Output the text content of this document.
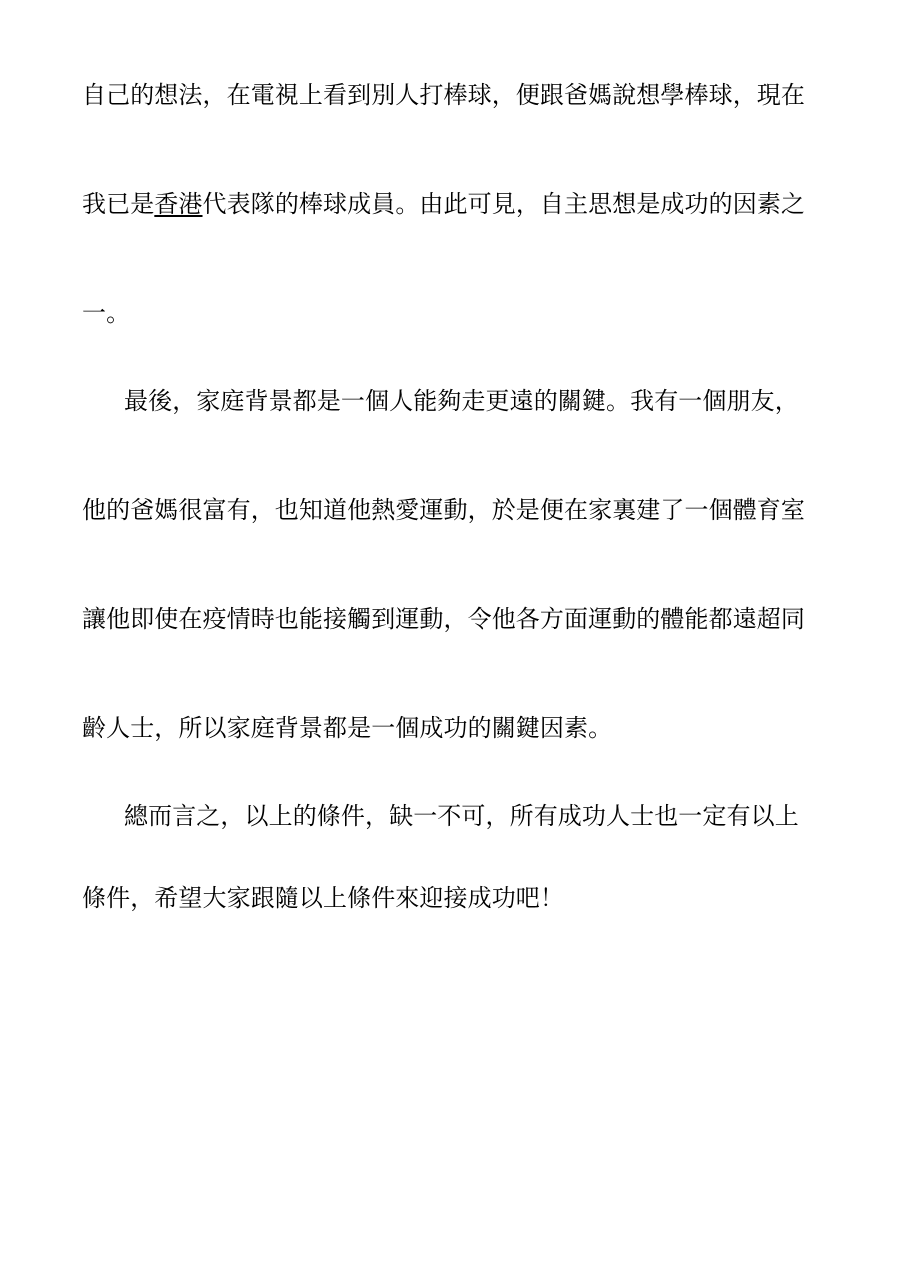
自己的想法，在電視上看到別人打棒球，便跟爸媽說想學棒球，現在
我已是香港代表隊的棒球成員。由此可見，自主思想是成功的因素之
一。
最後，家庭背景都是一個人能夠走更遠的關鍵。我有一個朋友，
他的爸媽很富有，也知道他熱愛運動，於是便在家裏建了一個體育室
讓他即使在疫情時也能接觸到運動，令他各方面運動的體能都遠超同
齡人士，所以家庭背景都是一個成功的關鍵因素。
總而言之，以上的條件，缺一不可，所有成功人士也一定有以上
條件，希望大家跟隨以上條件來迎接成功吧！
